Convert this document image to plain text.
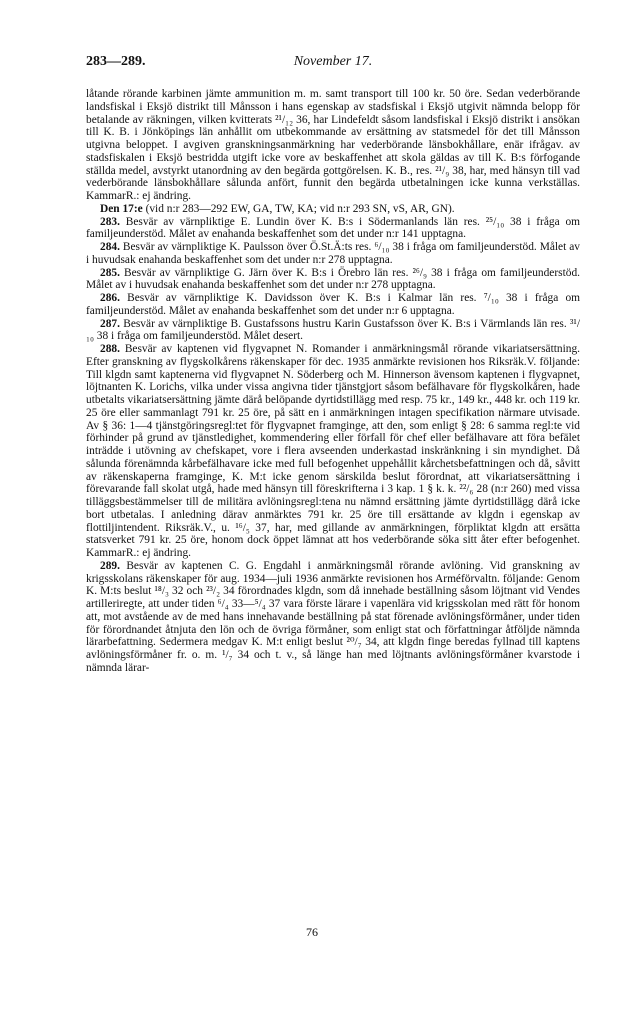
283—289.	November 17.

låtande rörande karbinen jämte ammunition m. m. samt transport till 100 kr. 50 öre. Sedan vederbörande landsfiskal i Eksjö distrikt till Månsson i hans egenskap av stadsfiskal i Eksjö utgivit nämnda belopp för betalande av räkningen, vilken kvitterats ²¹/₁₂ 36, har Lindefeldt såsom landsfiskal i Eksjö distrikt i ansökan till K. B. i Jönköpings län anhållit om utbekommande av ersättning av statsmedel för det till Månsson utgivna beloppet. I avgiven granskningsanmärkning har vederbörande länsbokhållare, enär ifrågav. av stadsfiskalen i Eksjö bestridda utgift icke vore av beskaffenhet att skola gäldas av till K. B:s förfogande ställda medel, avstyrkt utanordning av den begärda gottgörelsen. K. B., res. ²¹/₉ 38, har, med hänsyn till vad vederbörande länsbokhållare sålunda anfört, funnit den begärda utbetalningen icke kunna verkställas. KammarR.: ej ändring.

Den 17:e (vid n:r 283—292 EW, GA, TW, KA; vid n:r 293 SN, vS, AR, GN).

283. Besvär av värnpliktige E. Lundin över K. B:s i Södermanlands län res. ²⁵/₁₀ 38 i fråga om familjeunderstöd. Målet av enahanda beskaffenhet som det under n:r 141 upptagna.

284. Besvär av värnpliktige K. Paulsson över Ö.St.Ä:ts res. ⁶/₁₀ 38 i fråga om familjeunderstöd. Målet av i huvudsak enahanda beskaffenhet som det under n:r 278 upptagna.

285. Besvär av värnpliktige G. Järn över K. B:s i Örebro län res. ²⁶/₉ 38 i fråga om familjeunderstöd. Målet av i huvudsak enahanda beskaffenhet som det under n:r 278 upptagna.

286. Besvär av värnpliktige K. Davidsson över K. B:s i Kalmar län res. ⁷/₁₀ 38 i fråga om familjeunderstöd. Målet av enahanda beskaffenhet som det under n:r 6 upptagna.

287. Besvär av värnpliktige B. Gustafssons hustru Karin Gustafsson över K. B:s i Värmlands län res. ³¹/₁₀ 38 i fråga om familjeunderstöd. Målet desert.

288. Besvär av kaptenen vid flygvapnet N. Romander i anmärkningsmål rörande vikariatsersättning. Efter granskning av flygskolkårens räkenskaper för dec. 1935 anmärkte revisionen hos Riksräk.V. följande: Till klgdn samt kaptenerna vid flygvapnet N. Söderberg och M. Hinnerson ävensom kaptenen i flygvapnet, löjtnanten K. Lorichs, vilka under vissa angivna tider tjänstgjort såsom befälhavare för flygskolkåren, hade utbetalts vikariatsersättning jämte därå belöpande dyrtidstillägg med resp. 75 kr., 149 kr., 448 kr. och 119 kr. 25 öre eller sammanlagt 791 kr. 25 öre, på sätt en i anmärkningen intagen specifikation närmare utvisade. Av § 36: 1—4 tjänstgöringsregl:tet för flygvapnet framginge, att den, som enligt § 28: 6 samma regl:te vid förhinder på grund av tjänstledighet, kommendering eller förfall för chef eller befälhavare att föra befälet inträdde i utövning av chefskapet, vore i flera avseenden underkastad inskränkning i sin myndighet. Då sålunda förenämnda kårbefälhavare icke med full befogenhet uppehållit kårchetsbefattningen och då, såvitt av räkenskaperna framginge, K. M:t icke genom särskilda beslut förordnat, att vikariatsersättning i förevarande fall skolat utgå, hade med hänsyn till föreskrifterna i 3 kap. 1 § k. k. ²²/₆ 28 (n:r 260) med vissa tilläggsbestämmelser till de militära avlöningsregl:tena nu nämnd ersättning jämte dyrtidstillägg därå icke bort utbetalas. I anledning därav anmärktes 791 kr. 25 öre till ersättande av klgdn i egenskap av flottiljintendent. Riksräk.V., u. ¹⁶/₅ 37, har, med gillande av anmärkningen, förpliktat klgdn att ersätta statsverket 791 kr. 25 öre, honom dock öppet lämnat att hos vederbörande söka sitt åter efter befogenhet. KammarR.: ej ändring.

289. Besvär av kaptenen C. G. Engdahl i anmärkningsmål rörande avlöning. Vid granskning av krigsskolans räkenskaper för aug. 1934—juli 1936 anmärkte revisionen hos Arméförvaltn. följande: Genom K. M:ts beslut ¹⁸/₃ 32 och ²³/₂ 34 förordnades klgdn, som då innehade beställning såsom löjtnant vid Vendes artilleriregte, att under tiden ⁶/₄ 33—⁵/₄ 37 vara förste lärare i vapenlära vid krigsskolan med rätt för honom att, mot avstående av de med hans innehavande beställning på stat förenade avlöningsförmåner, under tiden för förordnandet åtnjuta den lön och de övriga förmåner, som enligt stat och författningar åtföljde nämnda lärarbefattning. Sedermera medgav K. M:t enligt beslut ²⁰/₇ 34, att klgdn finge beredas fyllnad till kaptens avlöningsförmåner fr. o. m. ¹/₇ 34 och t. v., så länge han med löjtnants avlöningsförmåner kvarstode i nämnda lärar-

76
